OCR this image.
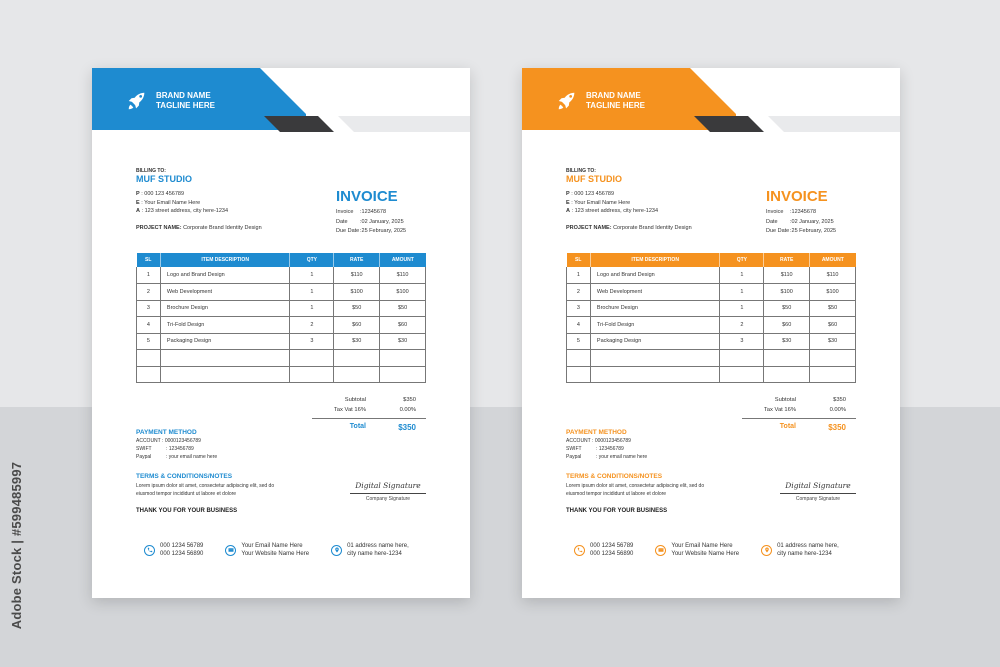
Adobe Stock | #599485997
BRAND NAME
TAGLINE HERE
BILLING TO:
MUF STUDIO
P : 000 123 456789
E : Your Email Name Here
A : 123 street address, city here-1234
PROJECT NAME: Corporate Brand Identity Design
INVOICE
Invoice	: 12345678
Date	: 02 January, 2025
Due Date : 25 February, 2025
SL	ITEM DESCRIPTION	QTY	RATE	AMOUNT
1	Logo and Brand Design	1	$110	$110
2	Web Development	1	$100	$100
3	Brochure Design	1	$50	$50
4	Tri-Fold Design	2	$60	$60
5	Packaging Design	3	$30	$30

Subtotal	$350
Tax Vat 16%	0.00%
Total	$350
PAYMENT METHOD
ACCOUNT :
0000123456789
SWIFT	: 123456789
Paypal	: your email name here
TERMS & CONDITIONS/NOTES
Lorem ipsum dolor sit amet, consectetur adipiscing elit, sed do eiusmod tempor incididunt ut labore et dolore
THANK YOU FOR YOUR BUSINESS
Digital Signature
Company Signature
000 1234 56789
000 1234 56890
Your Email Name Here
Your Website Name Here
01 address name here,
city name here-1234
BRAND NAME
TAGLINE HERE
BILLING TO:
MUF STUDIO
P : 000 123 456789
E : Your Email Name Here
A : 123 street address, city here-1234
PROJECT NAME: Corporate Brand Identity Design
INVOICE
Invoice	: 12345678
Date	: 02 January, 2025
Due Date : 25 February, 2025
SL	ITEM DESCRIPTION	QTY	RATE	AMOUNT
1	Logo and Brand Design	1	$110	$110
2	Web Development	1	$100	$100
3	Brochure Design	1	$50	$50
4	Tri-Fold Design	2	$60	$60
5	Packaging Design	3	$30	$30

Subtotal	$350
Tax Vat 16%	0.00%
Total	$350
PAYMENT METHOD
ACCOUNT :
0000123456789
SWIFT	: 123456789
Paypal	: your email name here
TERMS & CONDITIONS/NOTES
Lorem ipsum dolor sit amet, consectetur adipiscing elit, sed do eiusmod tempor incididunt ut labore et dolore
THANK YOU FOR YOUR BUSINESS
Digital Signature
Company Signature
000 1234 56789
000 1234 56890
Your Email Name Here
Your Website Name Here
01 address name here,
city name here-1234
